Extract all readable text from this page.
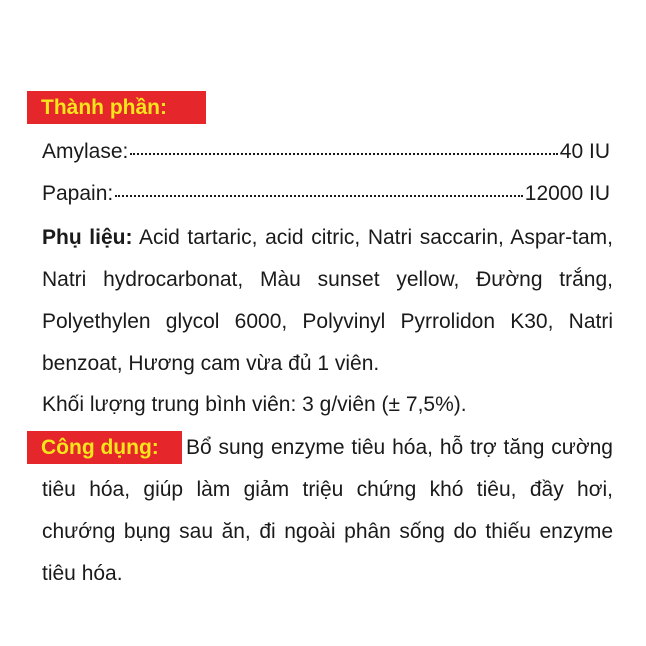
Thành phần:
Amylase:	40 IU
Papain:	12000 IU
Phụ liệu: Acid tartaric, acid citric, Natri saccarin, Aspar-tam, Natri hydrocarbonat, Màu sunset yellow, Đường trắng, Polyethylen glycol 6000, Polyvinyl Pyrrolidon K30, Natri benzoat, Hương cam vừa đủ 1 viên.
Khối lượng trung bình viên: 3 g/viên (± 7,5%).
Công dụng:	Bổ sung enzyme tiêu hóa, hỗ trợ tăng cường tiêu hóa, giúp làm giảm triệu chứng khó tiêu, đầy hơi, chướng bụng sau ăn, đi ngoài phân sống do thiếu enzyme tiêu hóa.
